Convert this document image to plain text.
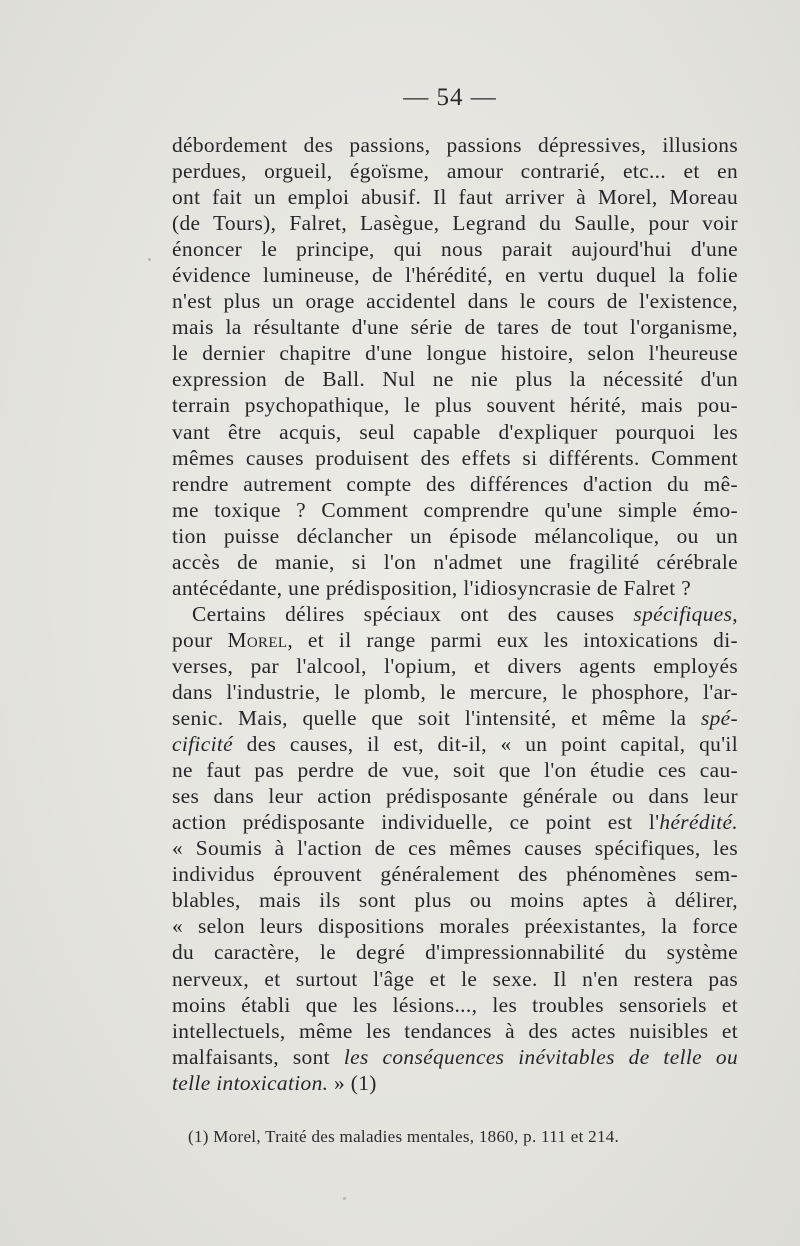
— 54 —
débordement des passions, passions dépressives, illusions
perdues, orgueil, égoïsme, amour contrarié, etc... et en
ont fait un emploi abusif. Il faut arriver à Morel, Moreau
(de Tours), Falret, Lasègue, Legrand du Saulle, pour voir
énoncer le principe, qui nous parait aujourd'hui d'une
évidence lumineuse, de l'hérédité, en vertu duquel la folie
n'est plus un orage accidentel dans le cours de l'existence,
mais la résultante d'une série de tares de tout l'organisme,
le dernier chapitre d'une longue histoire, selon l'heureuse
expression de Ball. Nul ne nie plus la nécessité d'un
terrain psychopathique, le plus souvent hérité, mais pou-
vant être acquis, seul capable d'expliquer pourquoi les
mêmes causes produisent des effets si différents. Comment
rendre autrement compte des différences d'action du mê-
me toxique ? Comment comprendre qu'une simple émo-
tion puisse déclancher un épisode mélancolique, ou un
accès de manie, si l'on n'admet une fragilité cérébrale
antécédante, une prédisposition, l'idiosyncrasie de Falret ?
Certains délires spéciaux ont des causes spécifiques,
pour Morel, et il range parmi eux les intoxications di-
verses, par l'alcool, l'opium, et divers agents employés
dans l'industrie, le plomb, le mercure, le phosphore, l'ar-
senic. Mais, quelle que soit l'intensité, et même la spé-
cificité des causes, il est, dit-il, « un point capital, qu'il
ne faut pas perdre de vue, soit que l'on étudie ces cau-
ses dans leur action prédisposante générale ou dans leur
action prédisposante individuelle, ce point est l'hérédité.
« Soumis à l'action de ces mêmes causes spécifiques, les
individus éprouvent généralement des phénomènes sem-
blables, mais ils sont plus ou moins aptes à délirer,
« selon leurs dispositions morales préexistantes, la force
du caractère, le degré d'impressionnabilité du système
nerveux, et surtout l'âge et le sexe. Il n'en restera pas
moins établi que les lésions..., les troubles sensoriels et
intellectuels, même les tendances à des actes nuisibles et
malfaisants, sont les conséquences inévitables de telle ou
telle intoxication. » (1)
(1) Morel, Traité des maladies mentales, 1860, p. 111 et 214.
